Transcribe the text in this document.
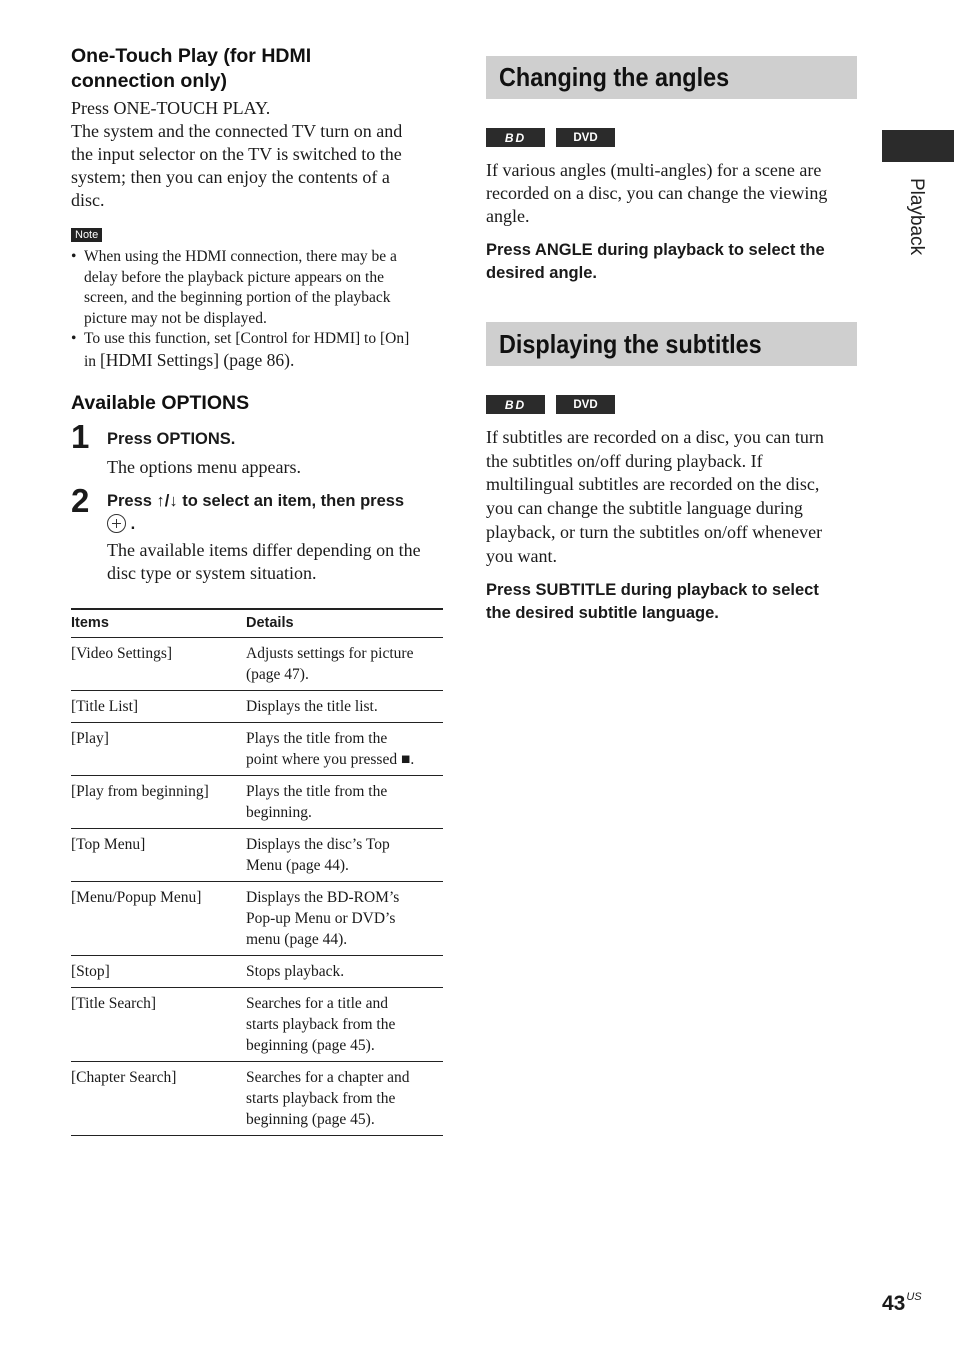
One-Touch Play (for HDMI connection only)
Press ONE-TOUCH PLAY.
The system and the connected TV turn on and
the input selector on the TV is switched to the
system; then you can enjoy the contents of a
disc.
Note
• When using the HDMI connection, there may be a
delay before the playback picture appears on the
screen, and the beginning portion of the playback
picture may not be displayed.
• To use this function, set [Control for HDMI] to [On]
in [HDMI Settings] (page 86).
Available OPTIONS
1 Press OPTIONS.
The options menu appears.
2 Press ↑/↓ to select an item, then press
.
The available items differ depending on the
disc type or system situation.
Items	Details
[Video Settings]	Adjusts settings for picture
(page 47).

[Title List]	Displays the title list.

[Play]	Plays the title from the
point where you pressed ■.

[Play from beginning]	Plays the title from the
beginning.

[Top Menu]	Displays the disc’s Top
Menu (page 44).

[Menu/Popup Menu]	Displays the BD-ROM’s
Pop-up Menu or DVD’s
menu (page 44).

[Stop]	Stops playback.

[Title Search]	Searches for a title and
starts playback from the
beginning (page 45).

[Chapter Search]	Searches for a chapter and
starts playback from the
beginning (page 45).
Changing the angles
BD	DVD
If various angles (multi-angles) for a scene are
recorded on a disc, you can change the viewing
angle.
Press ANGLE during playback to select the
desired angle.
Displaying the subtitles
BD	DVD
If subtitles are recorded on a disc, you can turn
the subtitles on/off during playback. If
multilingual subtitles are recorded on the disc,
you can change the subtitle language during
playback, or turn the subtitles on/off whenever
you want.
Press SUBTITLE during playback to select
the desired subtitle language.
Playback
$43^{US}$
